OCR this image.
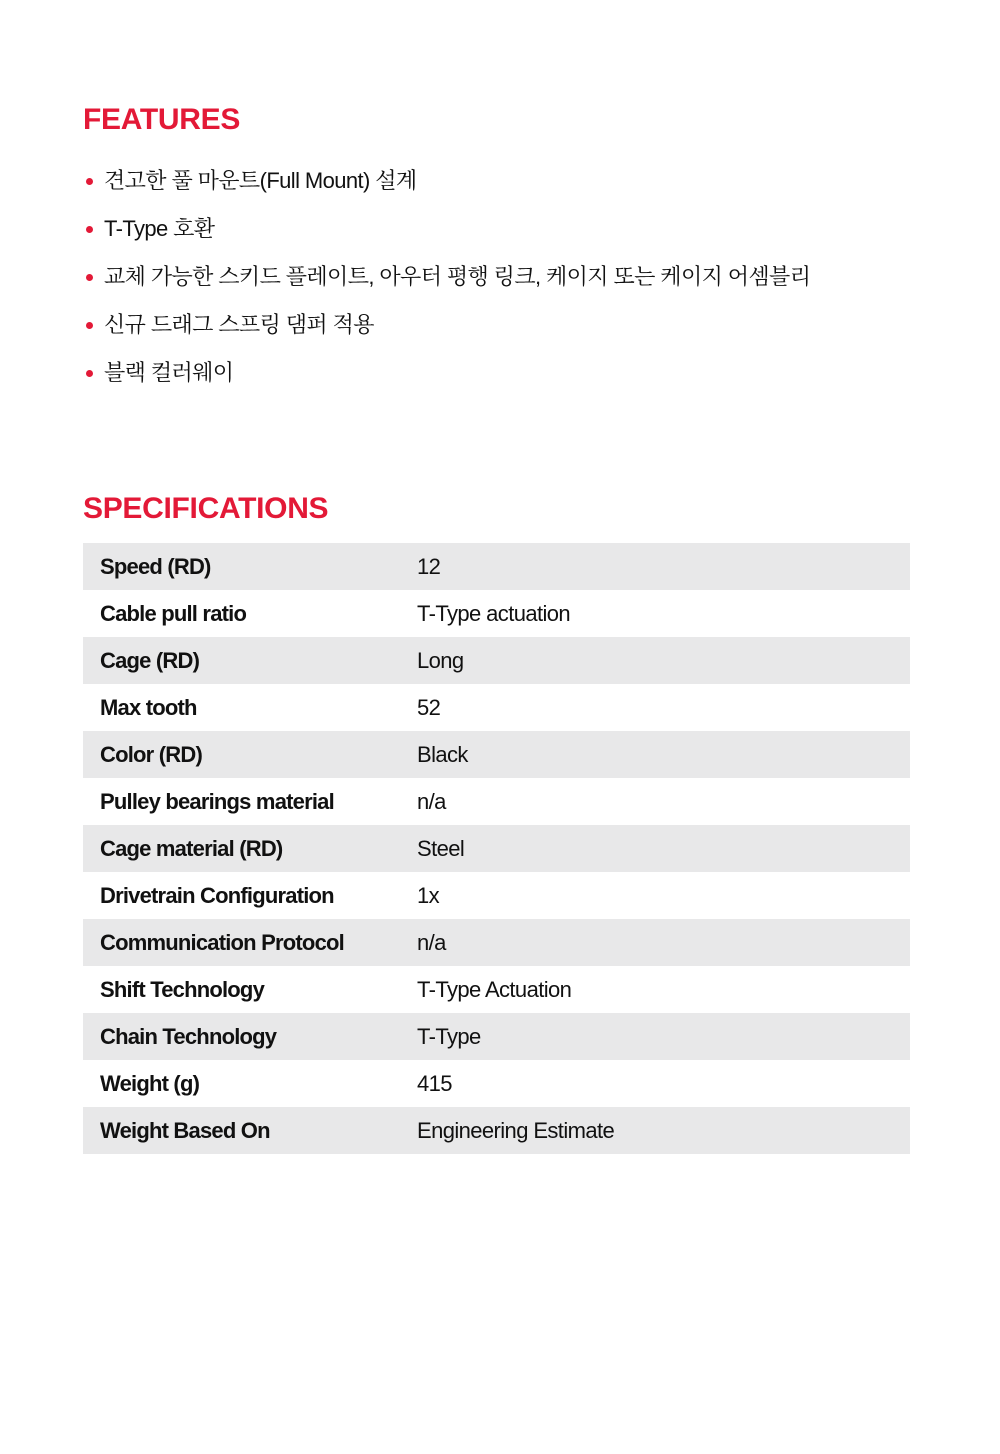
FEATURES
견고한 풀 마운트(Full Mount) 설계
T-Type 호환
교체 가능한 스키드 플레이트, 아우터 평행 링크, 케이지 또는 케이지 어셈블리
신규 드래그 스프링 댐퍼 적용
블랙 컬러웨이
SPECIFICATIONS
Speed (RD)	12
Cable pull ratio	T-Type actuation
Cage (RD)	Long
Max tooth	52
Color (RD)	Black
Pulley bearings material	n/a
Cage material (RD)	Steel
Drivetrain Configuration	1x
Communication Protocol	n/a
Shift Technology	T-Type Actuation
Chain Technology	T-Type
Weight (g)	415
Weight Based On	Engineering Estimate
